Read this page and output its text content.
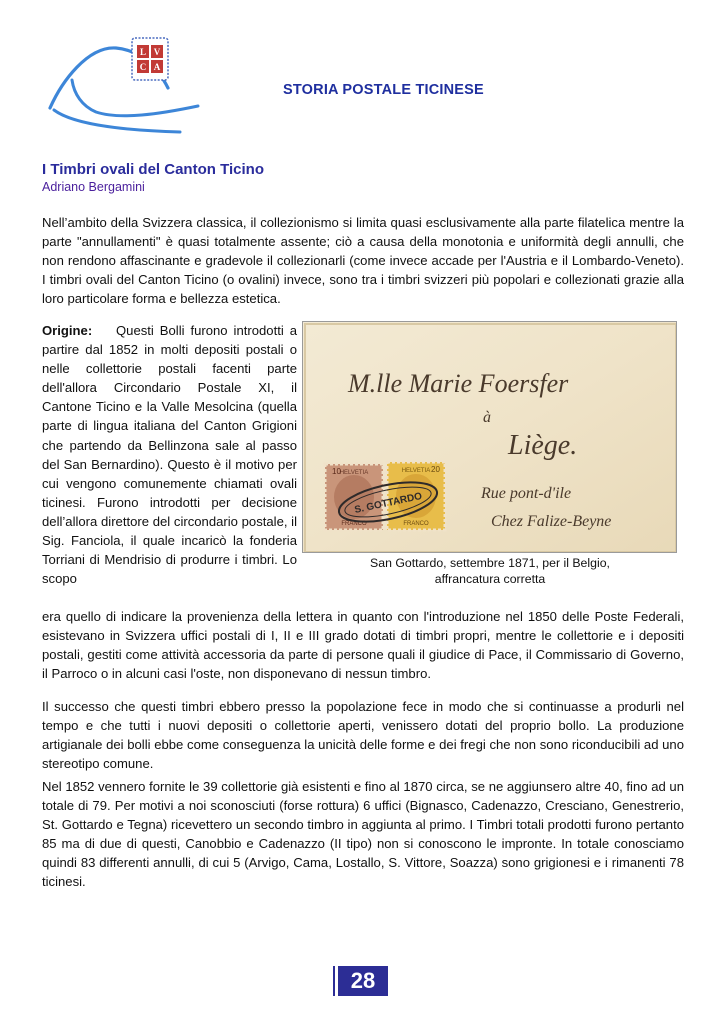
L V
C A
STORIA POSTALE TICINESE
I Timbri ovali del Canton Ticino
Adriano Bergamini

Nell’ambito della Svizzera classica, il collezionismo si limita quasi esclusivamente alla parte filatelica mentre la parte "annullamenti" è quasi totalmente assente; ciò a causa della monotonia e uniformità degli annulli, che non rendono affascinante e gradevole il collezionarli (come invece accade per l'Austria e il Lombardo-Veneto). I timbri ovali del Canton Ticino (o ovalini) invece, sono tra i timbri svizzeri più popolari e collezionati grazie alla loro particolare forma e bellezza estetica.

Origine: Questi Bolli furono introdotti a partire dal 1852 in molti depositi postali o nelle collettorie postali facenti parte dell'allora Circondario Postale XI, il Cantone Ticino e la Valle Mesolcina (quella parte di lingua italiana del Canton Grigioni che partendo da Bellinzona sale al passo del San Bernardino). Questo è il motivo per cui vengono comunemente chiamati ovali ticinesi. Furono introdotti per decisione dell’allora direttore del circondario postale, il Sig. Fanciola, il quale incaricò la fonderia Torriani di Mendrisio di produrre i timbri. Lo scopo

M.lle Marie Foersfer
à
Liège.
Rue pont-d'ile
Chez Falize-Beyne
HELVETIA
10
FRANCO
HELVETIA 20
FRANCO
S. GOTTARDO
San Gottardo, settembre 1871, per il Belgio,
affrancatura corretta

era quello di indicare la provenienza della lettera in quanto con l'introduzione nel 1850 delle Poste Federali, esistevano in Svizzera uffici postali di I, II e III grado dotati di timbri propri, mentre le collettorie e i depositi postali, gestiti come attività accessoria da parte di persone quali il giudice di Pace, il Commissario di Governo, il Parroco o in alcuni casi l'oste, non disponevano di nessun timbro.

Il successo che questi timbri ebbero presso la popolazione fece in modo che si continuasse a produrli nel tempo e che tutti i nuovi depositi o collettorie aperti, venissero dotati del proprio bollo. La produzione artigianale dei bolli ebbe come conseguenza la unicità delle forme e dei fregi che non sono riconducibili ad uno stereotipo comune.

Nel 1852 vennero fornite le 39 collettorie già esistenti e fino al 1870 circa, se ne aggiunsero altre 40, fino ad un totale di 79. Per motivi a noi sconosciuti (forse rottura) 6 uffici (Bignasco, Cadenazzo, Cresciano, Genestrerio, St. Gottardo e Tegna) ricevettero un secondo timbro in aggiunta al primo. I Timbri totali prodotti furono pertanto 85 ma di due di questi, Canobbio e Cadenazzo (II tipo) non si conoscono le impronte. In totale conosciamo quindi 83 differenti annulli, di cui 5 (Arvigo, Cama, Lostallo, S. Vittore, Soazza) sono grigionesi e i rimanenti 78 ticinesi.

28
